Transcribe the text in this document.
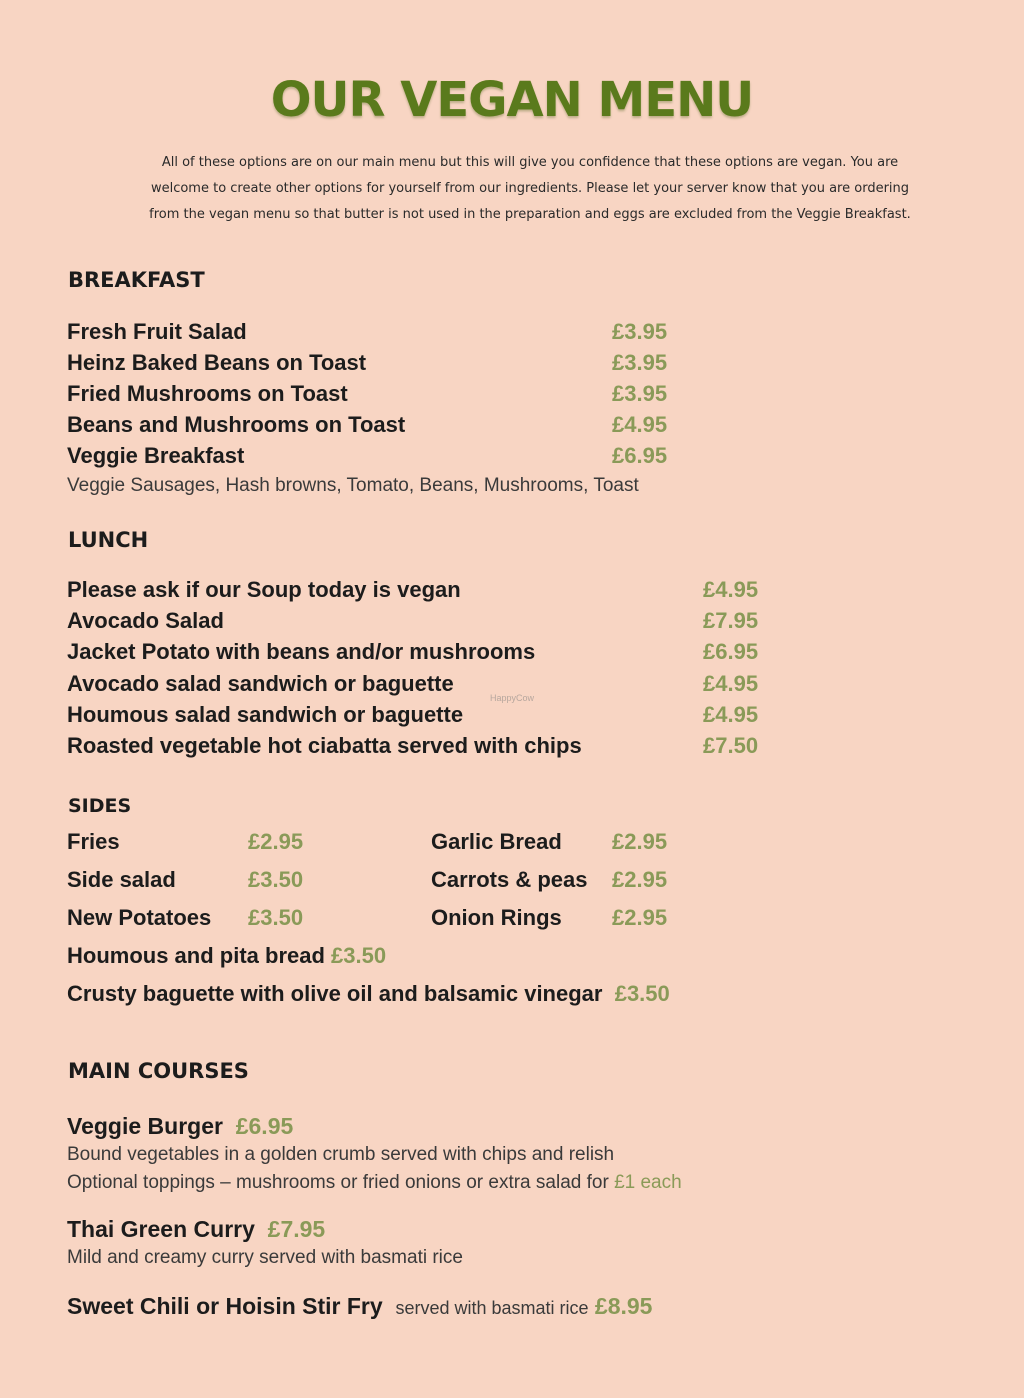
OUR VEGAN MENU
All of these options are on our main menu but this will give you confidence that these options are vegan. You are
welcome to create other options for yourself from our ingredients. Please let your server know that you are ordering
from the vegan menu so that butter is not used in the preparation and eggs are excluded from the Veggie Breakfast.
BREAKFAST
Fresh Fruit Salad	£3.95
Heinz Baked Beans on Toast	£3.95
Fried Mushrooms on Toast	£3.95
Beans and Mushrooms on Toast	£4.95
Veggie Breakfast	£6.95
Veggie Sausages, Hash browns, Tomato, Beans, Mushrooms, Toast
LUNCH
Please ask if our Soup today is vegan	£4.95
Avocado Salad	£7.95
Jacket Potato with beans and/or mushrooms	£6.95
Avocado salad sandwich or baguette	£4.95
Houmous salad sandwich or baguette	£4.95
Roasted vegetable hot ciabatta served with chips	£7.50
HappyCow
SIDES
Fries	£2.95	Garlic Bread £2.95
Side salad	£3.50	Carrots & peas £2.95
New Potatoes £3.50	Onion Rings £2.95
Houmous and pita bread £3.50
Crusty baguette with olive oil and balsamic vinegar £3.50
MAIN COURSES
Veggie Burger £6.95
Bound vegetables in a golden crumb served with chips and relish
Optional toppings – mushrooms or fried onions or extra salad for £1 each
Thai Green Curry £7.95
Mild and creamy curry served with basmati rice
Sweet Chili or Hoisin Stir Fry served with basmati rice £8.95
